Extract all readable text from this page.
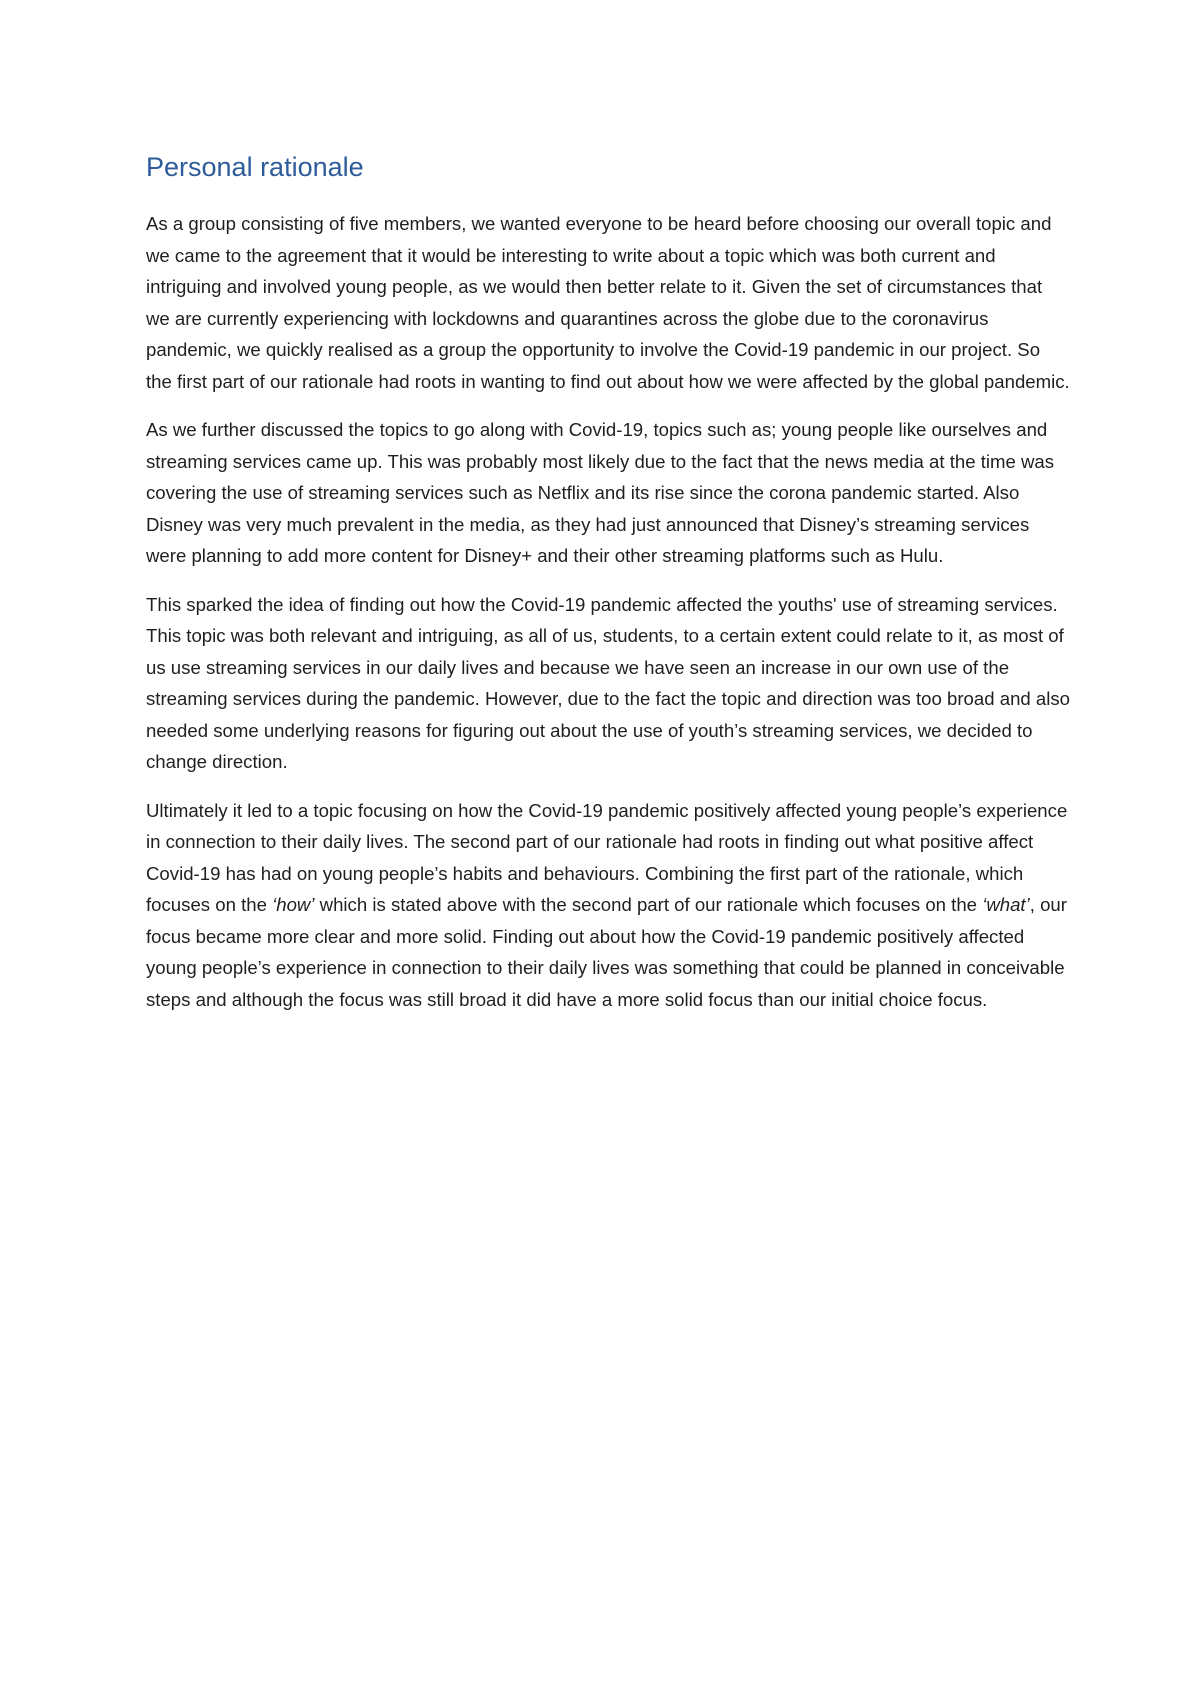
Personal rationale

As a group consisting of five members, we wanted everyone to be heard before choosing our overall topic and we came to the agreement that it would be interesting to write about a topic which was both current and intriguing and involved young people, as we would then better relate to it. Given the set of circumstances that we are currently experiencing with lockdowns and quarantines across the globe due to the coronavirus pandemic, we quickly realised as a group the opportunity to involve the Covid-19 pandemic in our project. So the first part of our rationale had roots in wanting to find out about how we were affected by the global pandemic.

As we further discussed the topics to go along with Covid-19, topics such as; young people like ourselves and streaming services came up. This was probably most likely due to the fact that the news media at the time was covering the use of streaming services such as Netflix and its rise since the corona pandemic started. Also Disney was very much prevalent in the media, as they had just announced that Disney’s streaming services were planning to add more content for Disney+ and their other streaming platforms such as Hulu.

This sparked the idea of finding out how the Covid-19 pandemic affected the youths' use of streaming services. This topic was both relevant and intriguing, as all of us, students, to a certain extent could relate to it, as most of us use streaming services in our daily lives and because we have seen an increase in our own use of the streaming services during the pandemic. However, due to the fact the topic and direction was too broad and also needed some underlying reasons for figuring out about the use of youth’s streaming services, we decided to change direction.

Ultimately it led to a topic focusing on how the Covid-19 pandemic positively affected young people’s experience in connection to their daily lives. The second part of our rationale had roots in finding out what positive affect Covid-19 has had on young people’s habits and behaviours. Combining the first part of the rationale, which focuses on the ‘how’ which is stated above with the second part of our rationale which focuses on the ‘what’, our focus became more clear and more solid. Finding out about how the Covid-19 pandemic positively affected young people’s experience in connection to their daily lives was something that could be planned in conceivable steps and although the focus was still broad it did have a more solid focus than our initial choice focus.
